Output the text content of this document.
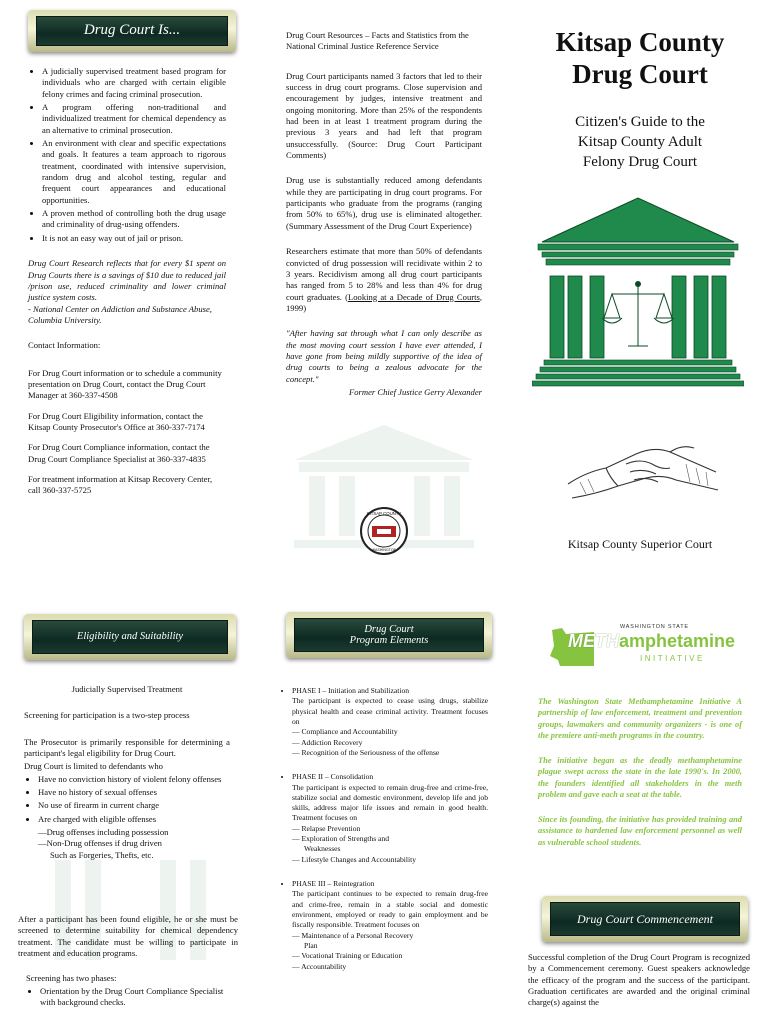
Drug Court Is...
• A judicially supervised treatment based program for individuals who are charged with certain eligible felony crimes and facing criminal prosecution.
• A program offering non-traditional and individualized treatment for chemical dependency as an alternative to criminal prosecution.
• An environment with clear and specific expectations and goals. It features a team approach to rigorous treatment, coordinated with intensive supervision, random drug and alcohol testing, regular and frequent court appearances and educational opportunities.
• A proven method of controlling both the drug usage and criminality of drug-using offenders.
• It is not an easy way out of jail or prison.

Drug Court Research reflects that for every $1 spent on Drug Courts there is a savings of $10 due to reduced jail /prison use, reduced criminality and lower criminal justice system costs.

- National Center on Addiction and Substance Abuse, Columbia University.

Contact Information:

For Drug Court information or to schedule a community presentation on Drug Court, contact the Drug Court Manager at 360-337-4508

For Drug Court Eligibility information, contact the Kitsap County Prosecutor's Office at 360-337-7174

For Drug Court Compliance information, contact the Drug Court Compliance Specialist at 360-337-4835

For treatment information at Kitsap Recovery Center, call 360-337-5725

Drug Court Resources – Facts and Statistics from the National Criminal Justice Reference Service

Drug Court participants named 3 factors that led to their success in drug court programs. Close supervision and encouragement by judges, intensive treatment and ongoing monitoring. More than 25% of the respondents had been in at least 1 treatment program during the previous 3 years and had left that program unsuccessfully. (Source: Drug Court Participant Comments)

Drug use is substantially reduced among defendants while they are participating in drug court programs. For participants who graduate from the programs (ranging from 50% to 65%), drug use is eliminated altogether. (Summary Assessment of the Drug Court Experience)

Researchers estimate that more than 50% of defendants convicted of drug possession will recidivate within 2 to 3 years. Recidivism among all drug court participants has ranged from 5 to 28% and less than 4% for drug court graduates. (Looking at a Decade of Drug Courts, 1999)

"After having sat through what I can only describe as the most moving court session I have ever attended, I have gone from being mildly supportive of the idea of drug courts to being a zealous advocate for the concept."

Former Chief Justice Gerry Alexander

KITSAP COUNTY
WASHINGTON
Kitsap County
Drug Court
Citizen's Guide to the
Kitsap County Adult
Felony Drug Court
Kitsap County Superior Court
Eligibility and Suitability

Judicially Supervised Treatment

Screening for participation is a two-step process

The Prosecutor is primarily responsible for determining a participant's legal eligibility for Drug Court.

Drug Court is limited to defendants who

• Have no conviction history of violent felony offenses
• Have no history of sexual offenses
• No use of firearm in current charge
• Are charged with eligible offenses
—Drug offenses including possession
—Non-Drug offenses if drug driven
Such as Forgeries, Thefts, etc.

After a participant has been found eligible, he or she must be screened to determine suitability for chemical dependency treatment. The candidate must be willing to participate in treatment and education programs.

Screening has two phases:

• Orientation by the Drug Court Compliance Specialist with background checks.
Drug Court
Program Elements
• PHASE I – Initiation and Stabilization
The participant is expected to cease using drugs, stabilize physical health and cease criminal activity. Treatment focuses on
— Compliance and Accountability
— Addiction Recovery
— Recognition of the Seriousness of the offense
• PHASE II – Consolidation
The participant is expected to remain drug-free and crime-free, stabilize social and domestic environment, develop life and job skills, address major life issues and remain in good health. Treatment focuses on
— Relapse Prevention
— Exploration of Strengths and
Weaknesses
— Lifestyle Changes and Accountability
• PHASE III – Reintegration
The participant continues to be expected to remain drug-free and crime-free, remain in a stable social and domestic environment, employed or ready to gain employment and be fiscally responsible. Treatment focuses on
— Maintenance of a Personal Recovery
Plan
— Vocational Training or Education
— Accountability
WASHINGTON STATE
METHamphetamine
INITIATIVE

The Washington State Methamphetamine Initiative A partnership of law enforcement, treatment and prevention groups, lawmakers and community organizers - is one of the premiere anti-meth programs in the country.

The initiative began as the deadly methamphetamine plague swept across the state in the late 1990's. In 2000, the founders identified all stakeholders in the meth problem and gave each a seat at the table.

Since its founding, the initiative has provided training and assistance to hardened law enforcement personnel as well as vulnerable school students.

Drug Court Commencement

Successful completion of the Drug Court Program is recognized by a Commencement ceremony. Guest speakers acknowledge the efficacy of the program and the success of the participant. Graduation certificates are awarded and the original criminal charge(s) against the
